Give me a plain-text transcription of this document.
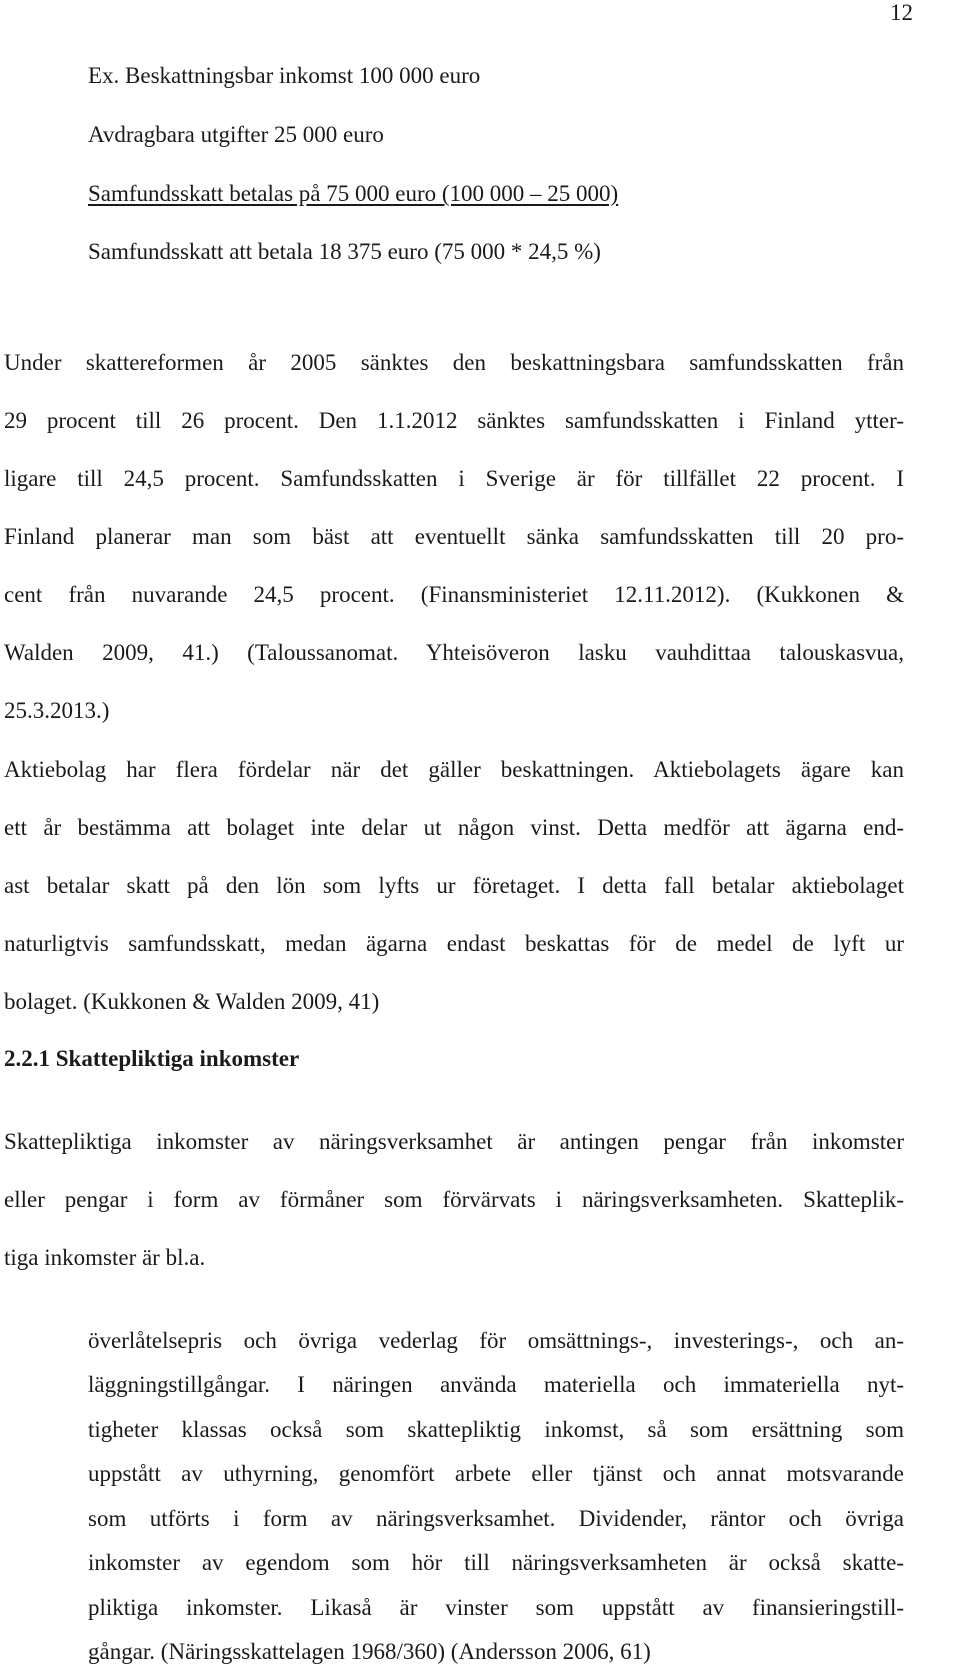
12
Ex. Beskattningsbar inkomst 100 000 euro
Avdragbara utgifter 25 000 euro
Samfundsskatt betalas på 75 000 euro (100 000 – 25 000)
Samfundsskatt att betala 18 375 euro (75 000 * 24,5 %)
Under skattereformen år 2005 sänktes den beskattningsbara samfundsskatten från
29 procent till 26 procent. Den 1.1.2012 sänktes samfundsskatten i Finland ytter-
ligare till 24,5 procent. Samfundsskatten i Sverige är för tillfället 22 procent. I
Finland planerar man som bäst att eventuellt sänka samfundsskatten till 20 pro-
cent från nuvarande 24,5 procent. (Finansministeriet 12.11.2012). (Kukkonen &
Walden 2009, 41.) (Taloussanomat. Yhteisöveron lasku vauhdittaa talouskasvua,
25.3.2013.)
Aktiebolag har flera fördelar när det gäller beskattningen. Aktiebolagets ägare kan
ett år bestämma att bolaget inte delar ut någon vinst. Detta medför att ägarna end-
ast betalar skatt på den lön som lyfts ur företaget. I detta fall betalar aktiebolaget
naturligtvis samfundsskatt, medan ägarna endast beskattas för de medel de lyft ur
bolaget. (Kukkonen & Walden 2009, 41)
2.2.1 Skattepliktiga inkomster
Skattepliktiga inkomster av näringsverksamhet är antingen pengar från inkomster
eller pengar i form av förmåner som förvärvats i näringsverksamheten. Skatteplik-
tiga inkomster är bl.a.
överlåtelsepris och övriga vederlag för omsättnings-, investerings-, och an-
läggningstillgångar. I näringen använda materiella och immateriella nyt-
tigheter klassas också som skattepliktig inkomst, så som ersättning som
uppstått av uthyrning, genomfört arbete eller tjänst och annat motsvarande
som utförts i form av näringsverksamhet. Dividender, räntor och övriga
inkomster av egendom som hör till näringsverksamheten är också skatte-
pliktiga inkomster. Likaså är vinster som uppstått av finansieringstill-
gångar. (Näringsskattelagen 1968/360) (Andersson 2006, 61)
